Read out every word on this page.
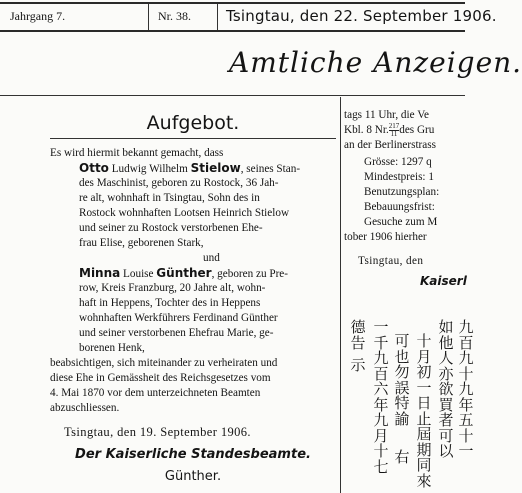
Jahrgang 7.	Nr. 38. Tsingtau, den 22. September 1906.
Amtliche Anzeigen.
Aufgebot.
Es wird hiermit bekannt gemacht, dass
Otto Ludwig Wilhelm Stielow, seines Stan-
des Maschinist, geboren zu Rostock, 36 Jah-
re alt, wohnhaft in Tsingtau, Sohn des in
Rostock wohnhaften Lootsen Heinrich Stielow
und seiner zu Rostock verstorbenen Ehe-
frau Elise, geborenen Stark,
und
Minna Louise Günther, geboren zu Pre-
row, Kreis Franzburg, 20 Jahre alt, wohn-
haft in Heppens, Tochter des in Heppens
wohnhaften Werkführers Ferdinand Günther
und seiner verstorbenen Ehefrau Marie, ge-
borenen Henk,
beabsichtigen, sich miteinander zu verheiraten und
diese Ehe in Gemässheit des Reichsgesetzes vom
4. Mai 1870 vor dem unterzeichneten Beamten
abzuschliessen.
Tsingtau, den 19. September 1906.
Der Kaiserliche Standesbeamte.
Günther.
tags 11 Uhr, die Ve
Kbl. 8 Nr. $\frac{217}{11}$ des Gru
an der Berlinerstrass
Grösse: 1297 q
Mindestpreis: 1
Benutzungsplan:
Bebauungsfrist:
Gesuche zum M
tober 1906 hierher
Tsingtau, den
Kaiserl
德告
一千九百六年九月十七
示
可也勿誤特諭
右
十月初一日止屆期同來
如他人亦欲買者可以
九百九十九年五十一
